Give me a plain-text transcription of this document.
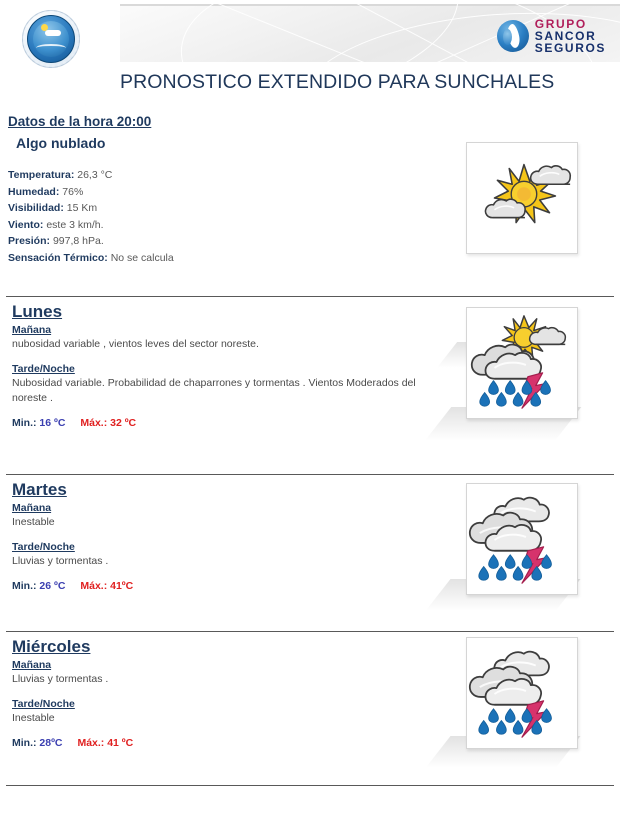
GRUPO
SANCOR
SEGUROS
PRONOSTICO EXTENDIDO PARA SUNCHALES
Datos de la hora 20:00
Algo nublado
Temperatura: 26,3 °C
Humedad: 76%
Visibilidad: 15 Km
Viento: este 3 km/h.
Presión: 997,8 hPa.
Sensación Térmico: No se calcula
Lunes
Mañana
nubosidad variable , vientos leves del sector noreste.
Tarde/Noche
Nubosidad variable. Probabilidad de chaparrones y tormentas . Vientos Moderados del noreste .
Min.: 16 ºC Máx.: 32 ºC
Martes
Mañana
Inestable
Tarde/Noche
Lluvias y tormentas .
Min.: 26 ºC Máx.: 41ºC
Miércoles
Mañana
Lluvias y tormentas .
Tarde/Noche
Inestable
Min.: 28ºC Máx.: 41 ºC
